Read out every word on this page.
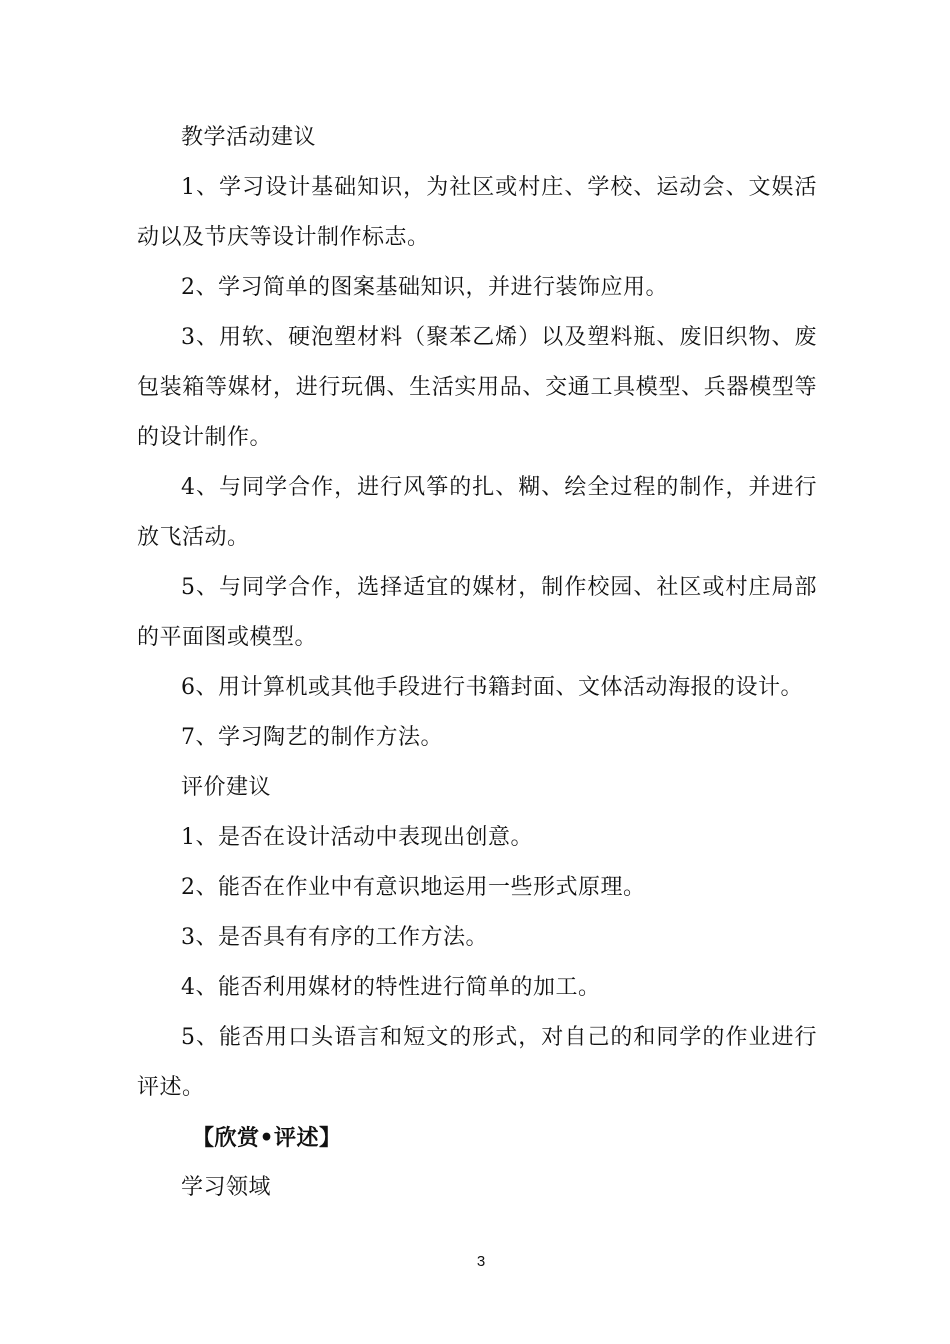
教学活动建议

1、学习设计基础知识，为社区或村庄、学校、运动会、文娱活动以及节庆等设计制作标志。

2、学习简单的图案基础知识，并进行装饰应用。

3、用软、硬泡塑材料（聚苯乙烯）以及塑料瓶、废旧织物、废包装箱等媒材，进行玩偶、生活实用品、交通工具模型、兵器模型等的设计制作。

4、与同学合作，进行风筝的扎、糊、绘全过程的制作，并进行放飞活动。

5、与同学合作，选择适宜的媒材，制作校园、社区或村庄局部的平面图或模型。

6、用计算机或其他手段进行书籍封面、文体活动海报的设计。

7、学习陶艺的制作方法。

评价建议

1、是否在设计活动中表现出创意。

2、能否在作业中有意识地运用一些形式原理。

3、是否具有有序的工作方法。

4、能否利用媒材的特性进行简单的加工。

5、能否用口头语言和短文的形式，对自己的和同学的作业进行评述。

【欣赏•评述】

学习领域

3
